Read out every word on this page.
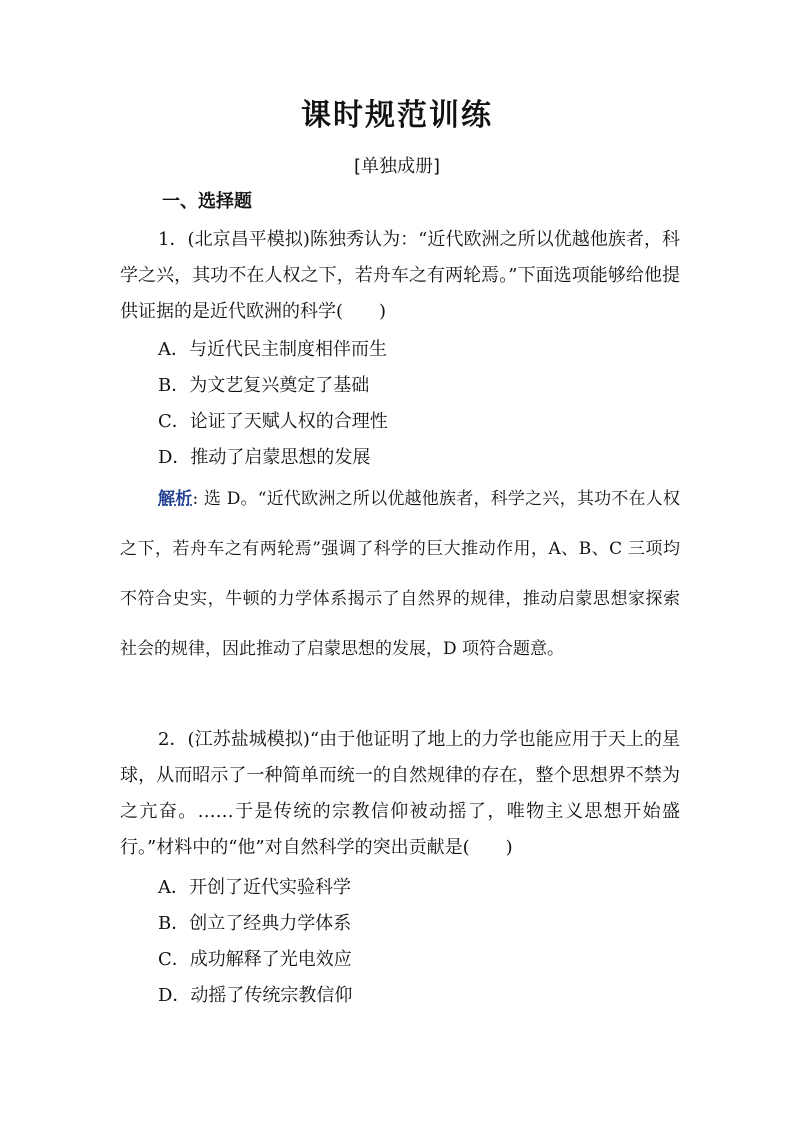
课时规范训练
[单独成册]
一、选择题
1．(北京昌平模拟)陈独秀认为：“近代欧洲之所以优越他族者，科学之兴，其功不在人权之下，若舟车之有两轮焉。”下面选项能够给他提供证据的是近代欧洲的科学(　　)
A．与近代民主制度相伴而生
B．为文艺复兴奠定了基础
C．论证了天赋人权的合理性
D．推动了启蒙思想的发展
解析: 选 D。“近代欧洲之所以优越他族者，科学之兴，其功不在人权之下，若舟车之有两轮焉”强调了科学的巨大推动作用，A、B、C 三项均不符合史实，牛顿的力学体系揭示了自然界的规律，推动启蒙思想家探索社会的规律，因此推动了启蒙思想的发展，D 项符合题意。
2．(江苏盐城模拟)“由于他证明了地上的力学也能应用于天上的星球，从而昭示了一种简单而统一的自然规律的存在，整个思想界不禁为之亢奋。……于是传统的宗教信仰被动摇了，唯物主义思想开始盛行。”材料中的“他”对自然科学的突出贡献是(　　)
A．开创了近代实验科学
B．创立了经典力学体系
C．成功解释了光电效应
D．动摇了传统宗教信仰
